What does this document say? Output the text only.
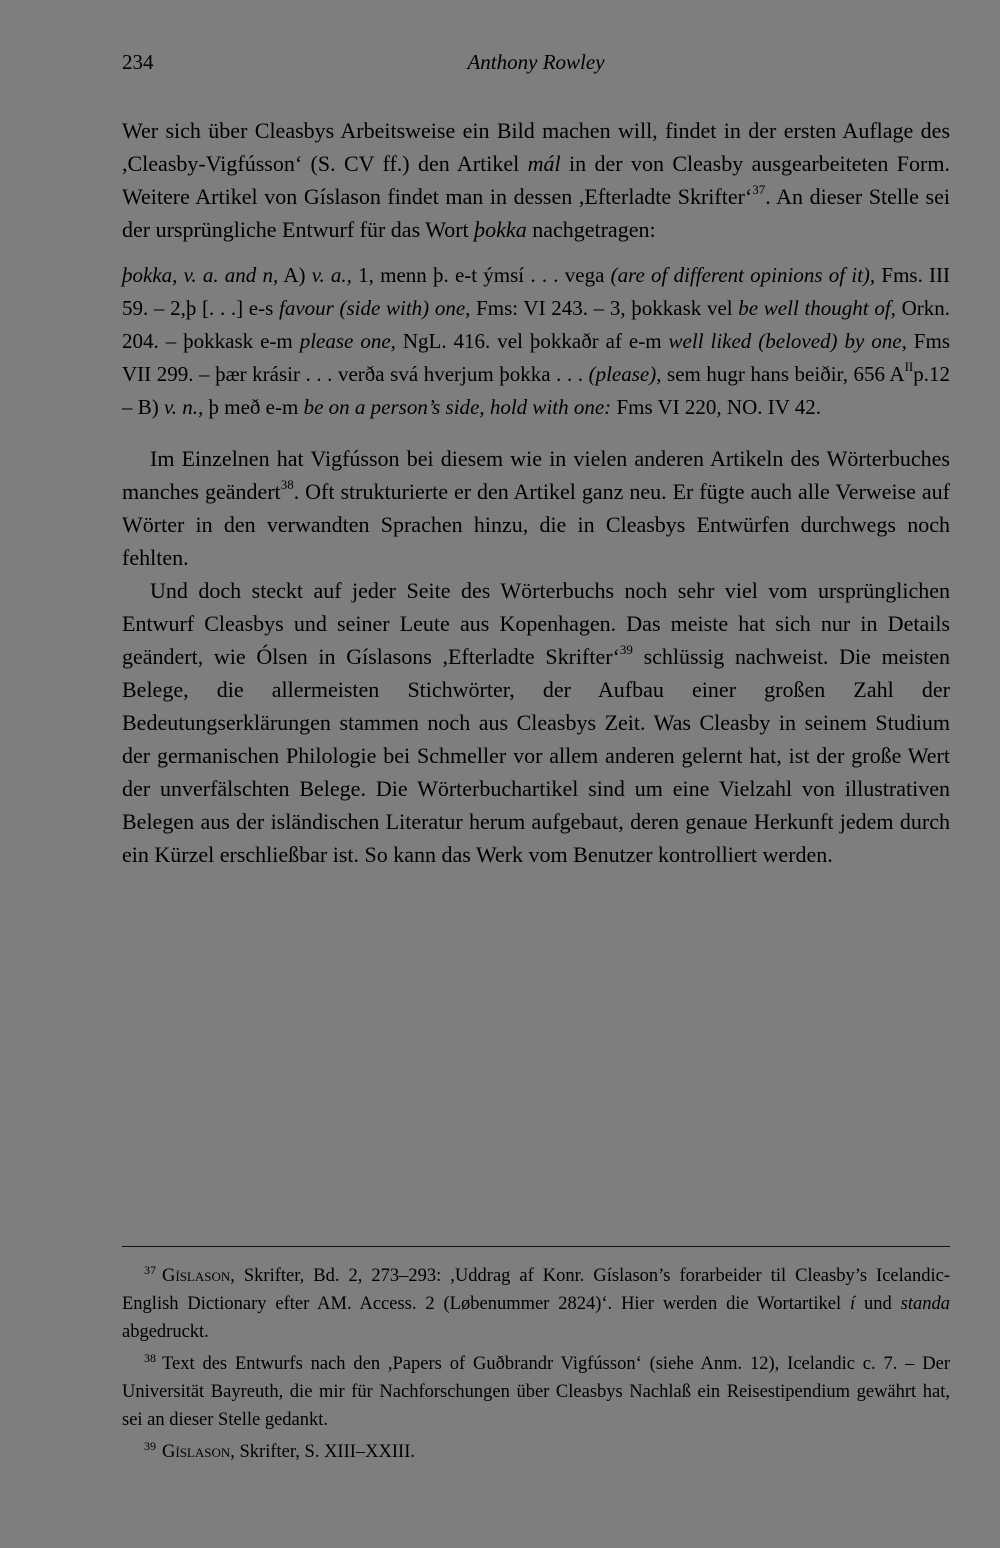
234	Anthony Rowley

Wer sich über Cleasbys Arbeitsweise ein Bild machen will, findet in der ersten Auflage des ,Cleasby-Vigfússon‘ (S. CV ff.) den Artikel mál in der von Cleasby ausgearbeiteten Form. Weitere Artikel von Gíslason findet man in dessen ,Efterladte Skrifter‘$^{37}$. An dieser Stelle sei der ursprüngliche Entwurf für das Wort þokka nachgetragen:

þokka, v. a. and n, A) v. a., 1, menn þ. e-t ýmsí . . . vega (are of different opinions of it), Fms. III 59. – 2,þ [. . .] e-s favour (side with) one, Fms: VI 243. – 3, þokkask vel be well thought of, Orkn. 204. – þokkask e-m please one, NgL. 416. vel þokkaðr af e-m well liked (beloved) by one, Fms VII 299. – þær krásir . . . verða svá hverjum þokka . . . (please), sem hugr hans beiðir, 656 $A^{II}p.12 - B$) v. n., þ með e-m be on a person’s side, hold with one: Fms VI 220, NO. IV 42.

Im Einzelnen hat Vigfússon bei diesem wie in vielen anderen Artikeln des Wörterbuches manches geändert$^{38}$. Oft strukturierte er den Artikel ganz neu. Er fügte auch alle Verweise auf Wörter in den verwandten Sprachen hinzu, die in Cleasbys Entwürfen durchwegs noch fehlten.

Und doch steckt auf jeder Seite des Wörterbuchs noch sehr viel vom ursprünglichen Entwurf Cleasbys und seiner Leute aus Kopenhagen. Das meiste hat sich nur in Details geändert, wie Ólsen in Gíslasons ,Efterladte Skrifter‘$^{39}$ schlüssig nachweist. Die meisten Belege, die allermeisten Stichwörter, der Aufbau einer großen Zahl der Bedeutungserklärungen stammen noch aus Cleasbys Zeit. Was Cleasby in seinem Studium der germanischen Philologie bei Schmeller vor allem anderen gelernt hat, ist der große Wert der unverfälschten Belege. Die Wörterbuchartikel sind um eine Vielzahl von illustrativen Belegen aus der isländischen Literatur herum aufgebaut, deren genaue Herkunft jedem durch ein Kürzel erschließbar ist. So kann das Werk vom Benutzer kontrolliert werden.

$^{37}$ Gíslason, Skrifter, Bd. 2, 273–293: ,Uddrag af Konr. Gíslason’s forarbeider til Cleasby’s Icelandic-English Dictionary efter AM. Access. 2 (Løbenummer 2824)‘. Hier werden die Wortartikel í und standa abgedruckt.

$^{38}$ Text des Entwurfs nach den ,Papers of Guðbrandr Vigfússon‘ (siehe Anm. 12), Icelandic c. 7. – Der Universität Bayreuth, die mir für Nachforschungen über Cleasbys Nachlaß ein Reisestipendium gewährt hat, sei an dieser Stelle gedankt.

$^{39}$ Gíslason, Skrifter, S. XIII–XXIII.
